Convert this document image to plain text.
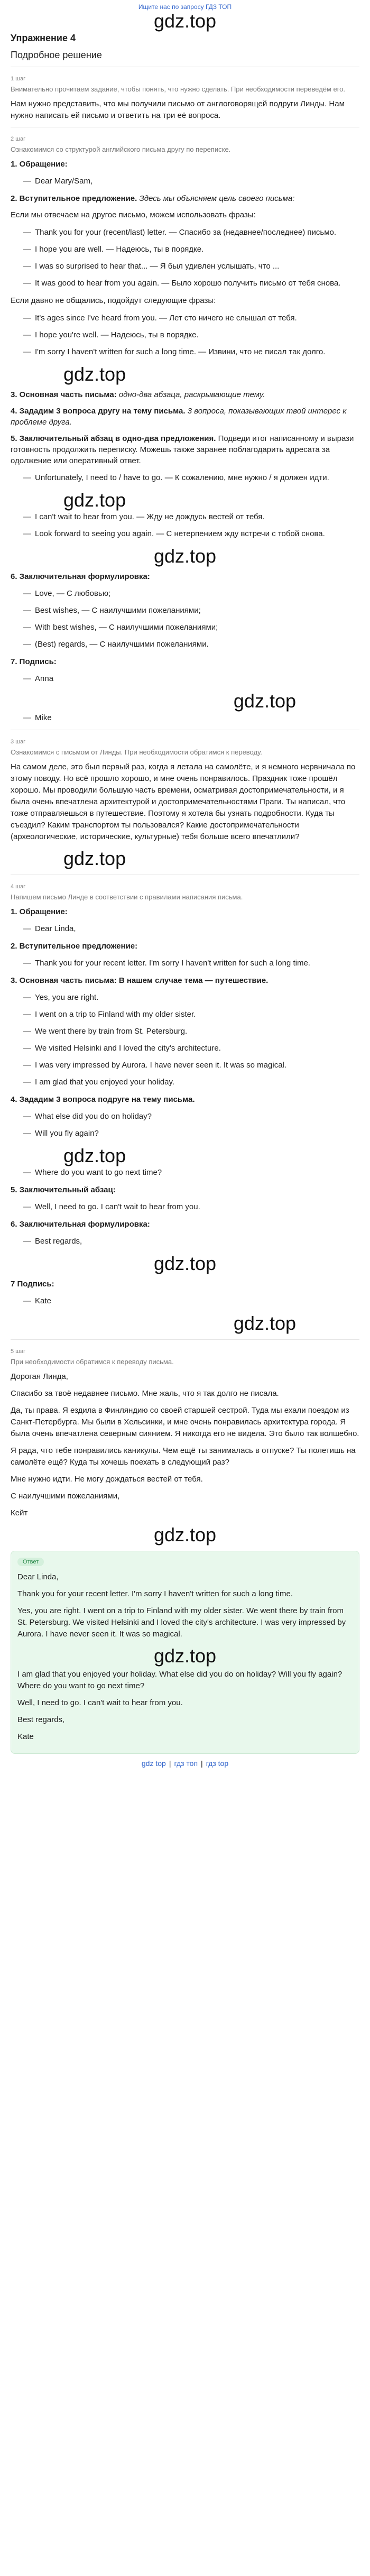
Ищите нас по запросу ГДЗ ТОП
gdz.top
Упражнение 4
Подробное решение
1 шаг
Внимательно прочитаем задание, чтобы понять, что нужно сделать. При необходимости переведём его.

Нам нужно представить, что мы получили письмо от англоговорящей подруги Линды. Нам нужно написать ей письмо и ответить на три её вопроса.

2 шаг
Ознакомимся со структурой английского письма другу по переписке.
1. Обращение:
— Dear Mary/Sam,
2. Вступительное предложение. Здесь мы объясняем цель своего письма:

Если мы отвечаем на другое письмо, можем использовать фразы:

— Thank you for your (recent/last) letter. — Спасибо за (недавнее/последнее) письмо.
— I hope you are well. — Надеюсь, ты в порядке.
— I was so surprised to hear that... — Я был удивлен услышать, что ...
— It was good to hear from you again. — Было хорошо получить письмо от тебя снова.

Если давно не общались, подойдут следующие фразы:

— It's ages since I've heard from you. — Лет сто ничего не слышал от тебя.
— I hope you're well. — Надеюсь, ты в порядке.
— I'm sorry I haven't written for such a long time. — Извини, что не писал так долго.
gdz.top
3. Основная часть письма: одно-два абзаца, раскрывающие тему.
4. Зададим 3 вопроса другу на тему письма. 3 вопроса, показывающих твой интерес к проблеме друга.
5. Заключительный абзац в одно-два предложения. Подведи итог написанному и вырази готовность продолжить переписку. Можешь также заранее поблагодарить адресата за одолжение или оперативный ответ.
— Unfortunately, I need to / have to go. — К сожалению, мне нужно / я должен идти.
gdz.top
— I can't wait to hear from you. — Жду не дождусь вестей от тебя.
— Look forward to seeing you again. — С нетерпением жду встречи с тобой снова.
gdz.top
6. Заключительная формулировка:
— Love, — С любовью;
— Best wishes, — С наилучшими пожеланиями;
— With best wishes, — С наилучшими пожеланиями;
— (Best) regards, — С наилучшими пожеланиями.
7. Подпись:
— Anna
gdz.top
— Mike
3 шаг
Ознакомимся с письмом от Линды. При необходимости обратимся к переводу.

На самом деле, это был первый раз, когда я летала на самолёте, и я немного нервничала по этому поводу. Но всё прошло хорошо, и мне очень понравилось. Праздник тоже прошёл хорошо. Мы проводили большую часть времени, осматривая достопримечательности, и я была очень впечатлена архитектурой и достопримечательностями Праги. Ты написал, что тоже отправляешься в путешествие. Поэтому я хотела бы узнать подробности. Куда ты съездил? Каким транспортом ты пользовался? Какие достопримечательности (археологические, исторические, культурные) тебя больше всего впечатлили?

gdz.top
4 шаг
Напишем письмо Линде в соответствии с правилами написания письма.
1. Обращение:
— Dear Linda,
2. Вступительное предложение:
— Thank you for your recent letter. I'm sorry I haven't written for such a long time.
3. Основная часть письма: В нашем случае тема — путешествие.
— Yes, you are right.
— I went on a trip to Finland with my older sister.
— We went there by train from St. Petersburg.
— We visited Helsinki and I loved the city's architecture.
— I was very impressed by Aurora. I have never seen it. It was so magical.
— I am glad that you enjoyed your holiday.
4. Зададим 3 вопроса подруге на тему письма.
— What else did you do on holiday?
— Will you fly again?
gdz.top
— Where do you want to go next time?
5. Заключительный абзац:
— Well, I need to go. I can't wait to hear from you.
6. Заключительная формулировка:
— Best regards,
gdz.top
7 Подпись:
— Kate
gdz.top
5 шаг
При необходимости обратимся к переводу письма.

Дорогая Линда,

Спасибо за твоё недавнее письмо. Мне жаль, что я так долго не писала.

Да, ты права. Я ездила в Финляндию со своей старшей сестрой. Туда мы ехали поездом из Санкт-Петербурга. Мы были в Хельсинки, и мне очень понравилась архитектура города. Я была очень впечатлена северным сиянием. Я никогда его не видела. Это было так волшебно.

Я рада, что тебе понравились каникулы. Чем ещё ты занималась в отпуске? Ты полетишь на самолёте ещё? Куда ты хочешь поехать в следующий раз?

Мне нужно идти. Не могу дождаться вестей от тебя.

С наилучшими пожеланиями,

Кейт

gdz.top
Ответ

Dear Linda,

Thank you for your recent letter. I'm sorry I haven't written for such a long time.

Yes, you are right. I went on a trip to Finland with my older sister. We went there by train from St. Petersburg. We visited Helsinki and I loved the city's architecture. I was very impressed by Aurora. I have never seen it. It was so magical.

gdz.top

I am glad that you enjoyed your holiday. What else did you do on holiday? Will you fly again? Where do you want to go next time?

Well, I need to go. I can't wait to hear from you.

Best regards,

Kate

gdz top | гдз топ | гдз top
